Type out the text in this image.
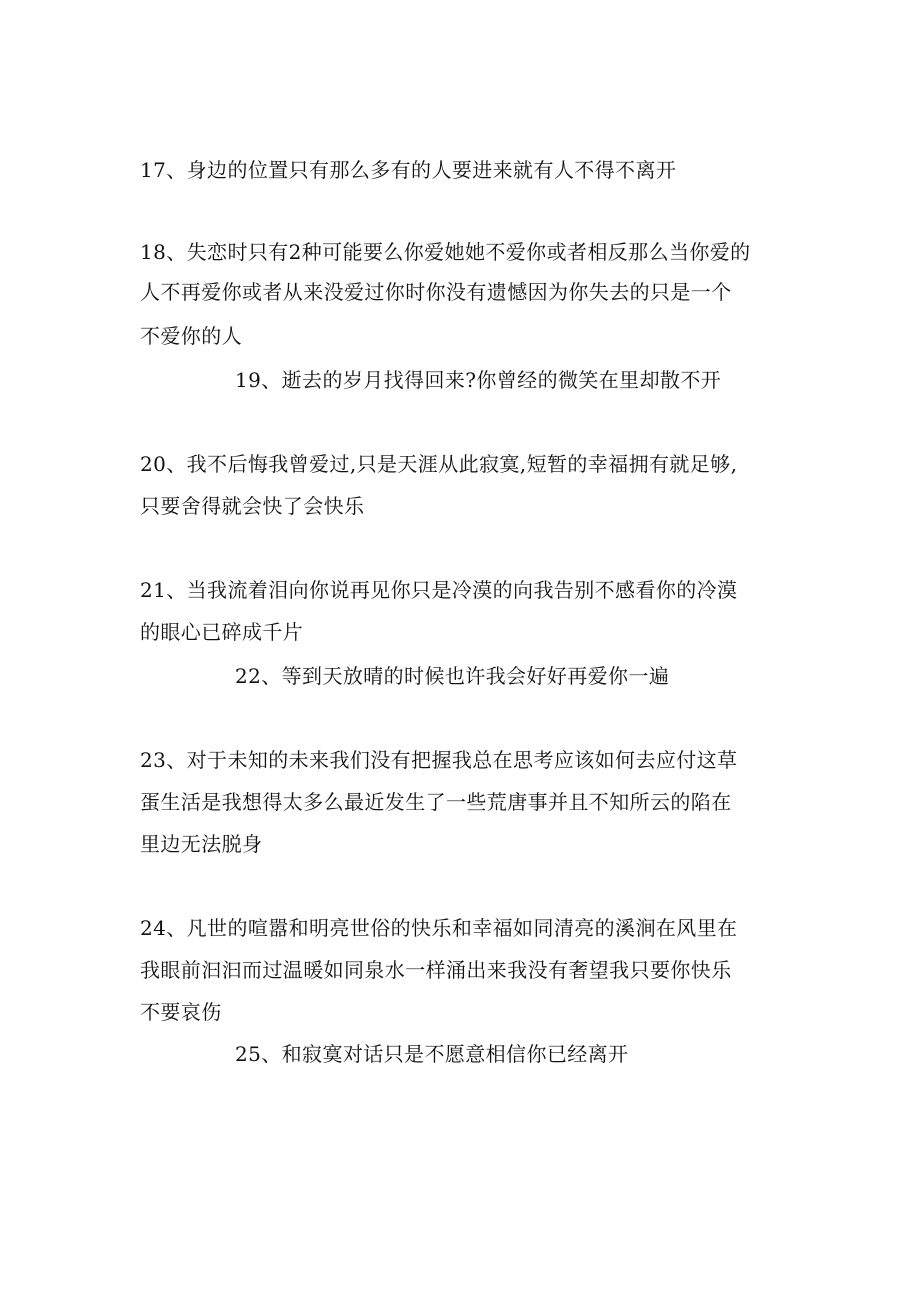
17、身边的位置只有那么多有的人要进来就有人不得不离开
18、失恋时只有2种可能要么你爱她她不爱你或者相反那么当你爱的
人不再爱你或者从来没爱过你时你没有遗憾因为你失去的只是一个
不爱你的人
19、逝去的岁月找得回来?你曾经的微笑在里却散不开
20、我不后悔我曾爱过,只是天涯从此寂寞,短暂的幸福拥有就足够,
只要舍得就会快了会快乐
21、当我流着泪向你说再见你只是冷漠的向我告别不感看你的冷漠
的眼心已碎成千片
22、等到天放晴的时候也许我会好好再爱你一遍
23、对于未知的未来我们没有把握我总在思考应该如何去应付这草
蛋生活是我想得太多么最近发生了一些荒唐事并且不知所云的陷在
里边无法脱身
24、凡世的喧嚣和明亮世俗的快乐和幸福如同清亮的溪涧在风里在
我眼前汩汩而过温暖如同泉水一样涌出来我没有奢望我只要你快乐
不要哀伤
25、和寂寞对话只是不愿意相信你已经离开
